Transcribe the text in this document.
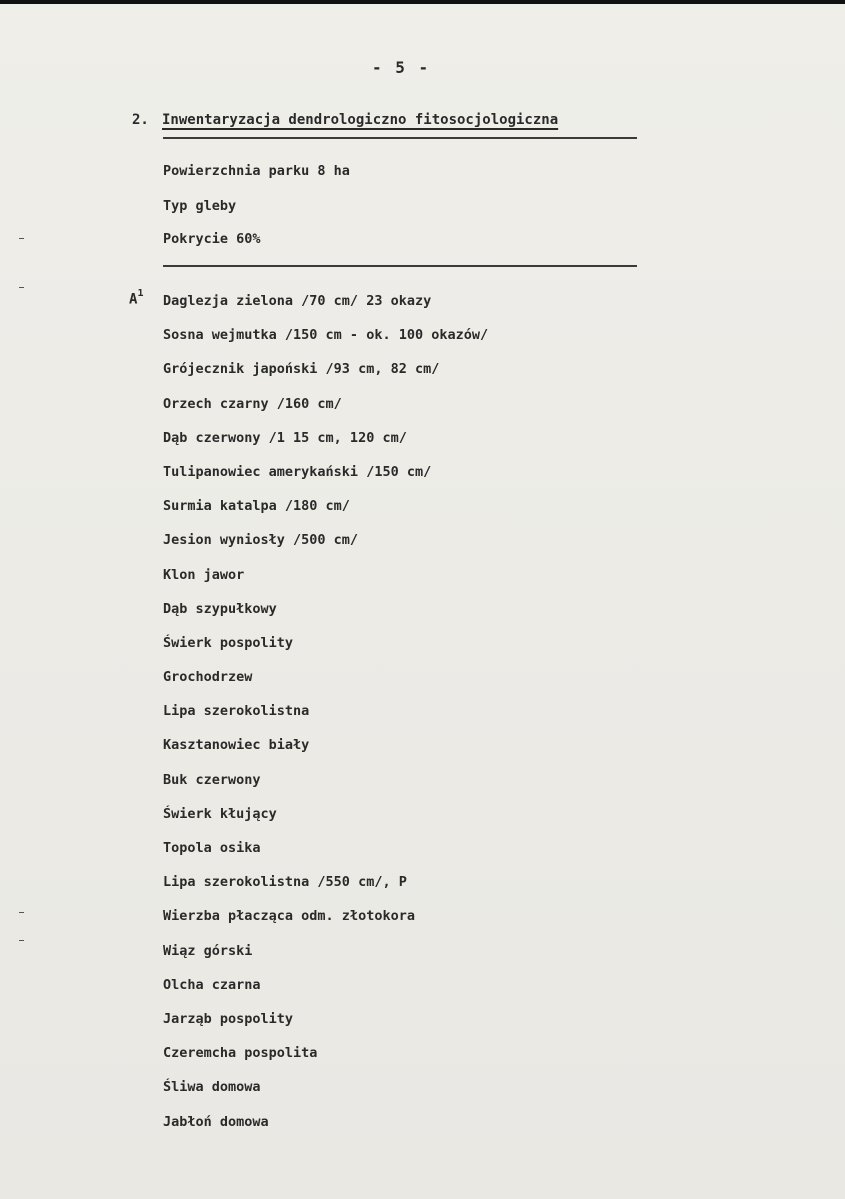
- 5 -
2. Inwentaryzacja dendrologiczno fitosocjologiczna
Powierzchnia parku 8 ha
Typ gleby
Pokrycie 60%
$A^1$ Daglezja zielona /70 cm/ 23 okazy
Sosna wejmutka /150 cm - ok. 100 okazów/
Grójecznik japoński /93 cm, 82 cm/
Orzech czarny /160 cm/
Dąb czerwony /1 15 cm, 120 cm/
Tulipanowiec amerykański /150 cm/
Surmia katalpa /180 cm/
Jesion wyniosły /500 cm/
Klon jawor
Dąb szypułkowy
Świerk pospolity
Grochodrzew
Lipa szerokolistna
Kasztanowiec biały
Buk czerwony
Świerk kłujący
Topola osika
Lipa szerokolistna /550 cm/, P
Wierzba płacząca odm. złotokora
Wiąz górski
Olcha czarna
Jarząb pospolity
Czeremcha pospolita
Śliwa domowa
Jabłoń domowa
